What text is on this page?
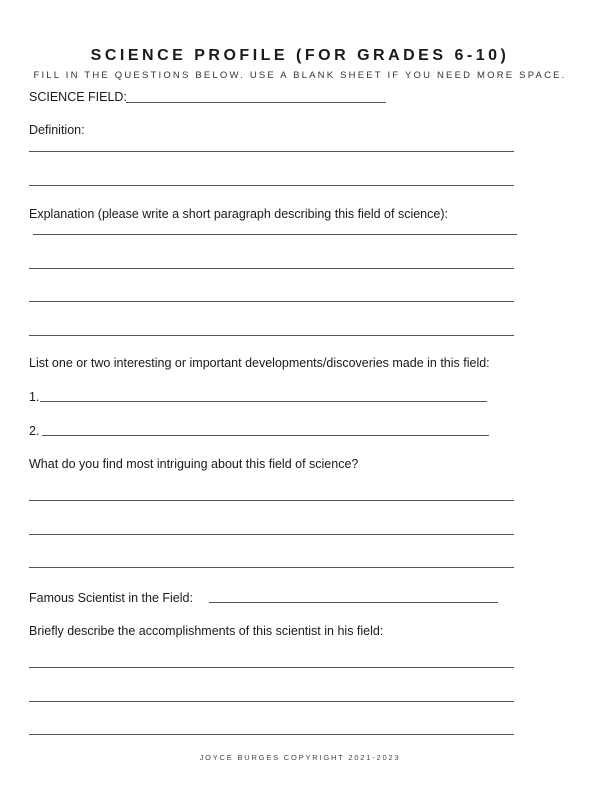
SCIENCE PROFILE (FOR GRADES 6-10)
FILL IN THE QUESTIONS BELOW. USE A BLANK SHEET IF YOU NEED MORE SPACE.
SCIENCE FIELD:
Definition:
Explanation (please write a short paragraph describing this field of science):
List one or two interesting or important developments/discoveries made in this field:
1.
2.
What do you find most intriguing about this field of science?
Famous Scientist in the Field:
Briefly describe the accomplishments of this scientist in his field:
JOYCE BURGES COPYRIGHT 2021-2023
